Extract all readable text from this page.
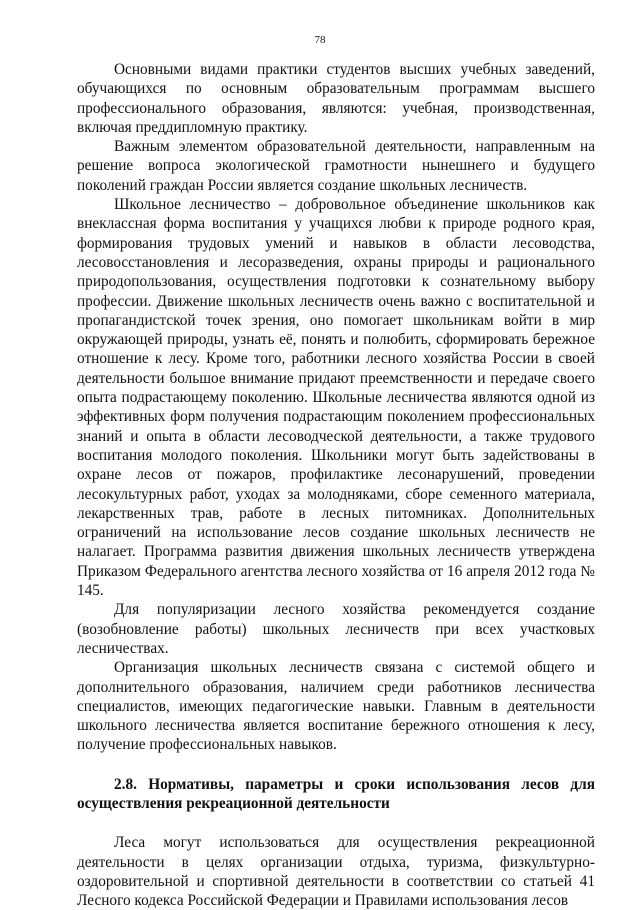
78

Основными видами практики студентов высших учебных заведений, обучающихся по основным образовательным программам высшего профессионального образования, являются: учебная, производственная, включая преддипломную практику.

Важным элементом образовательной деятельности, направленным на решение вопроса экологической грамотности нынешнего и будущего поколений граждан России является создание школьных лесничеств.

Школьное лесничество – добровольное объединение школьников как внеклассная форма воспитания у учащихся любви к природе родного края, формирования трудовых умений и навыков в области лесоводства, лесовосстановления и лесоразведения, охраны природы и рационального природопользования, осуществления подготовки к сознательному выбору профессии. Движение школьных лесничеств очень важно с воспитательной и пропагандистской точек зрения, оно помогает школьникам войти в мир окружающей природы, узнать её, понять и полюбить, сформировать бережное отношение к лесу. Кроме того, работники лесного хозяйства России в своей деятельности большое внимание придают преемственности и передаче своего опыта подрастающему поколению. Школьные лесничества являются одной из эффективных форм получения подрастающим поколением профессиональных знаний и опыта в области лесоводческой деятельности, а также трудового воспитания молодого поколения. Школьники могут быть задействованы в охране лесов от пожаров, профилактике лесонарушений, проведении лесокультурных работ, уходах за молодняками, сборе семенного материала, лекарственных трав, работе в лесных питомниках. Дополнительных ограничений на использование лесов создание школьных лесничеств не налагает. Программа развития движения школьных лесничеств утверждена Приказом Федерального агентства лесного хозяйства от 16 апреля 2012 года № 145.

Для популяризации лесного хозяйства рекомендуется создание (возобновление работы) школьных лесничеств при всех участковых лесничествах.

Организация школьных лесничеств связана с системой общего и дополнительного образования, наличием среди работников лесничества специалистов, имеющих педагогические навыки. Главным в деятельности школьного лесничества является воспитание бережного отношения к лесу, получение профессиональных навыков.

2.8. Нормативы, параметры и сроки использования лесов для осуществления рекреационной деятельности

Леса могут использоваться для осуществления рекреационной деятельности в целях организации отдыха, туризма, физкультурно-оздоровительной и спортивной деятельности в соответствии со статьей 41 Лесного кодекса Российской Федерации и Правилами использования лесов
